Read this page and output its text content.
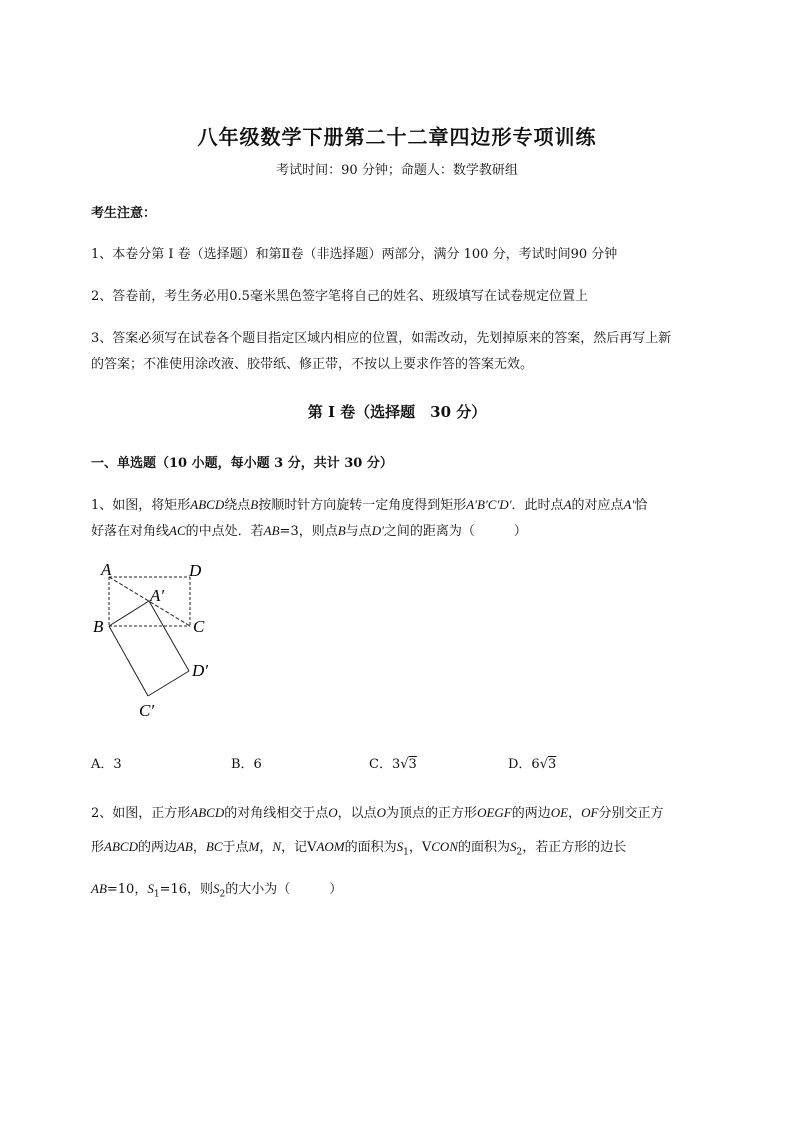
八年级数学下册第二十二章四边形专项训练
考试时间：90 分钟；命题人：数学教研组
考生注意：
1、本卷分第 I 卷（选择题）和第Ⅱ卷（非选择题）两部分，满分 100 分，考试时间90 分钟
2、答卷前，考生务必用0.5毫米黑色签字笔将自己的姓名、班级填写在试卷规定位置上
3、答案必须写在试卷各个题目指定区域内相应的位置，如需改动，先划掉原来的答案，然后再写上新
的答案；不准使用涂改液、胶带纸、修正带，不按以上要求作答的答案无效。
第 I 卷（选择题　30 分）
一、单选题（10 小题，每小题 3 分，共计 30 分）
1、如图，将矩形ABCD绕点B按顺时针方向旋转一定角度得到矩形A′B′C′D′．此时点A的对应点A′恰
好落在对角线AC的中点处．若AB=3，则点B与点D′之间的距离为（　　　）
A	D
A′
B	C
D′
C′
A．3	B．6	C．3√3	D．6√3
2、如图，正方形ABCD的对角线相交于点O，以点O为顶点的正方形OEGF的两边OE，OF分别交正方
形ABCD的两边AB，BC于点M，N，记VAOM的面积为$S_1$，VCON的面积为$S_2$，若正方形的边长
AB=10，$S_1=16$，则$S_2$的大小为（　　　）
